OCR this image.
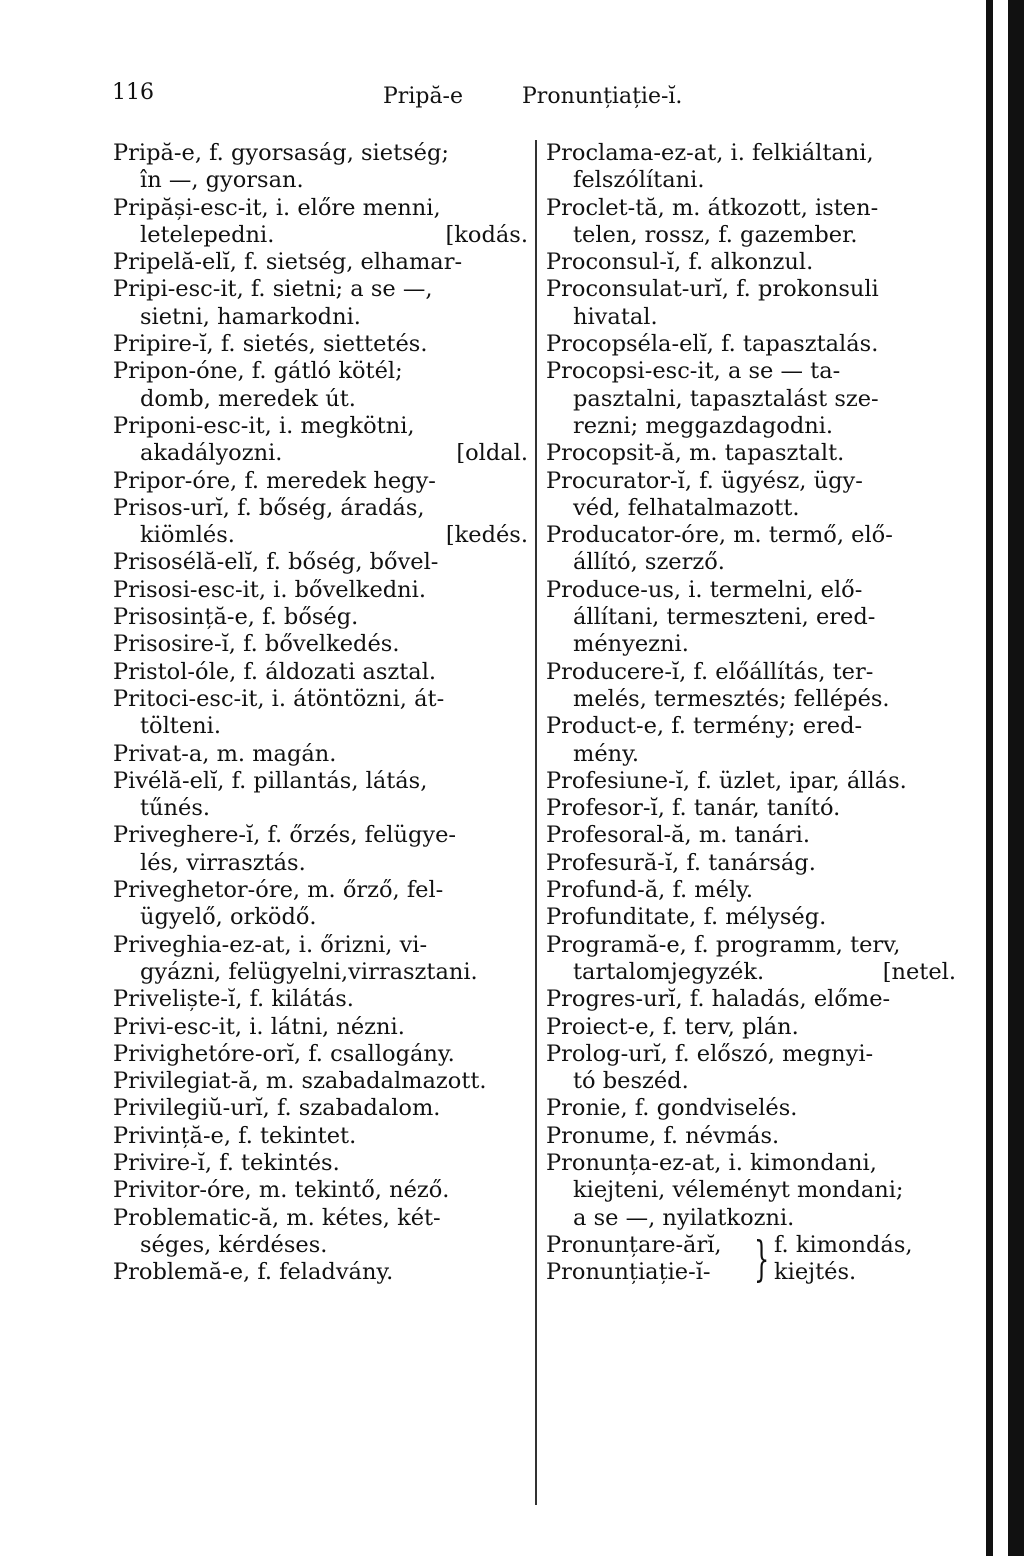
116	Pripă-e	Pronunțiație-ĭ.
Pripă-e, f. gyorsaság, sietség;
în —, gyorsan.
Pripăși-esc-it, i. előre menni,
letelepedni.	[kodás.
Pripelă-elĭ, f. sietség, elhamar-
Pripi-esc-it, f. sietni; a se —,
sietni, hamarkodni.
Pripire-ĭ, f. sietés, siettetés.
Pripon-óne, f. gátló kötél;
domb, meredek út.
Priponi-esc-it, i. megkötni,
akadályozni.	[oldal.
Pripor-óre, f. meredek hegy-
Prisos-urĭ, f. bőség, áradás,
kiömlés.	[kedés.
Prisosélă-elĭ, f. bőség, bővel-
Prisosi-esc-it, i. bővelkedni.
Prisosință-e, f. bőség.
Prisosire-ĭ, f. bővelkedés.
Pristol-óle, f. áldozati asztal.
Pritoci-esc-it, i. átöntözni, át-
tölteni.
Privat-a, m. magán.
Pivélă-elĭ, f. pillantás, látás,
tűnés.
Priveghere-ĭ, f. őrzés, felügye-
lés, virrasztás.
Priveghetor-óre, m. őrző, fel-
ügyelő, orködő.
Priveghia-ez-at, i. őrizni, vi-
gyázni, felügyelni,virrasztani.
Priveliște-ĭ, f. kilátás.
Privi-esc-it, i. látni, nézni.
Privighetóre-orĭ, f. csallogány.
Privilegiat-ă, m. szabadalmazott.
Privilegiŭ-urĭ, f. szabadalom.
Privință-e, f. tekintet.
Privire-ĭ, f. tekintés.
Privitor-óre, m. tekintő, néző.
Problematic-ă, m. kétes, két-
séges, kérdéses.
Problemă-e, f. feladvány.
Proclama-ez-at, i. felkiáltani,
felszólítani.
Proclet-tă, m. átkozott, isten-
telen, rossz, f. gazember.
Proconsul-ĭ, f. alkonzul.
Proconsulat-urĭ, f. prokonsuli
hivatal.
Procopséla-elĭ, f. tapasztalás.
Procopsi-esc-it, a se — ta-
pasztalni, tapasztalást sze-
rezni; meggazdagodni.
Procopsit-ă, m. tapasztalt.
Procurator-ĭ, f. ügyész, ügy-
véd, felhatalmazott.
Producator-óre, m. termő, elő-
állító, szerző.
Produce-us, i. termelni, elő-
állítani, termeszteni, ered-
ményezni.
Producere-ĭ, f. előállítás, ter-
melés, termesztés; fellépés.
Product-e, f. termény; ered-
mény.
Profesiune-ĭ, f. üzlet, ipar, állás.
Profesor-ĭ, f. tanár, tanító.
Profesoral-ă, m. tanári.
Profesură-ĭ, f. tanárság.
Profund-ă, f. mély.
Profunditate, f. mélység.
Programă-e, f. programm, terv,
tartalomjegyzék.	[netel.
Progres-urĭ, f. haladás, előme-
Proiect-e, f. terv, plán.
Prolog-urĭ, f. előszó, megnyi-
tó beszéd.
Pronie, f. gondviselés.
Pronume, f. névmás.
Pronunța-ez-at, i. kimondani,
kiejteni, véleményt mondani;
a se —, nyilatkozni.
Pronunțare-ărĭ,
Pronunțiație-ĭ- } f. kimondás,
kiejtés.
